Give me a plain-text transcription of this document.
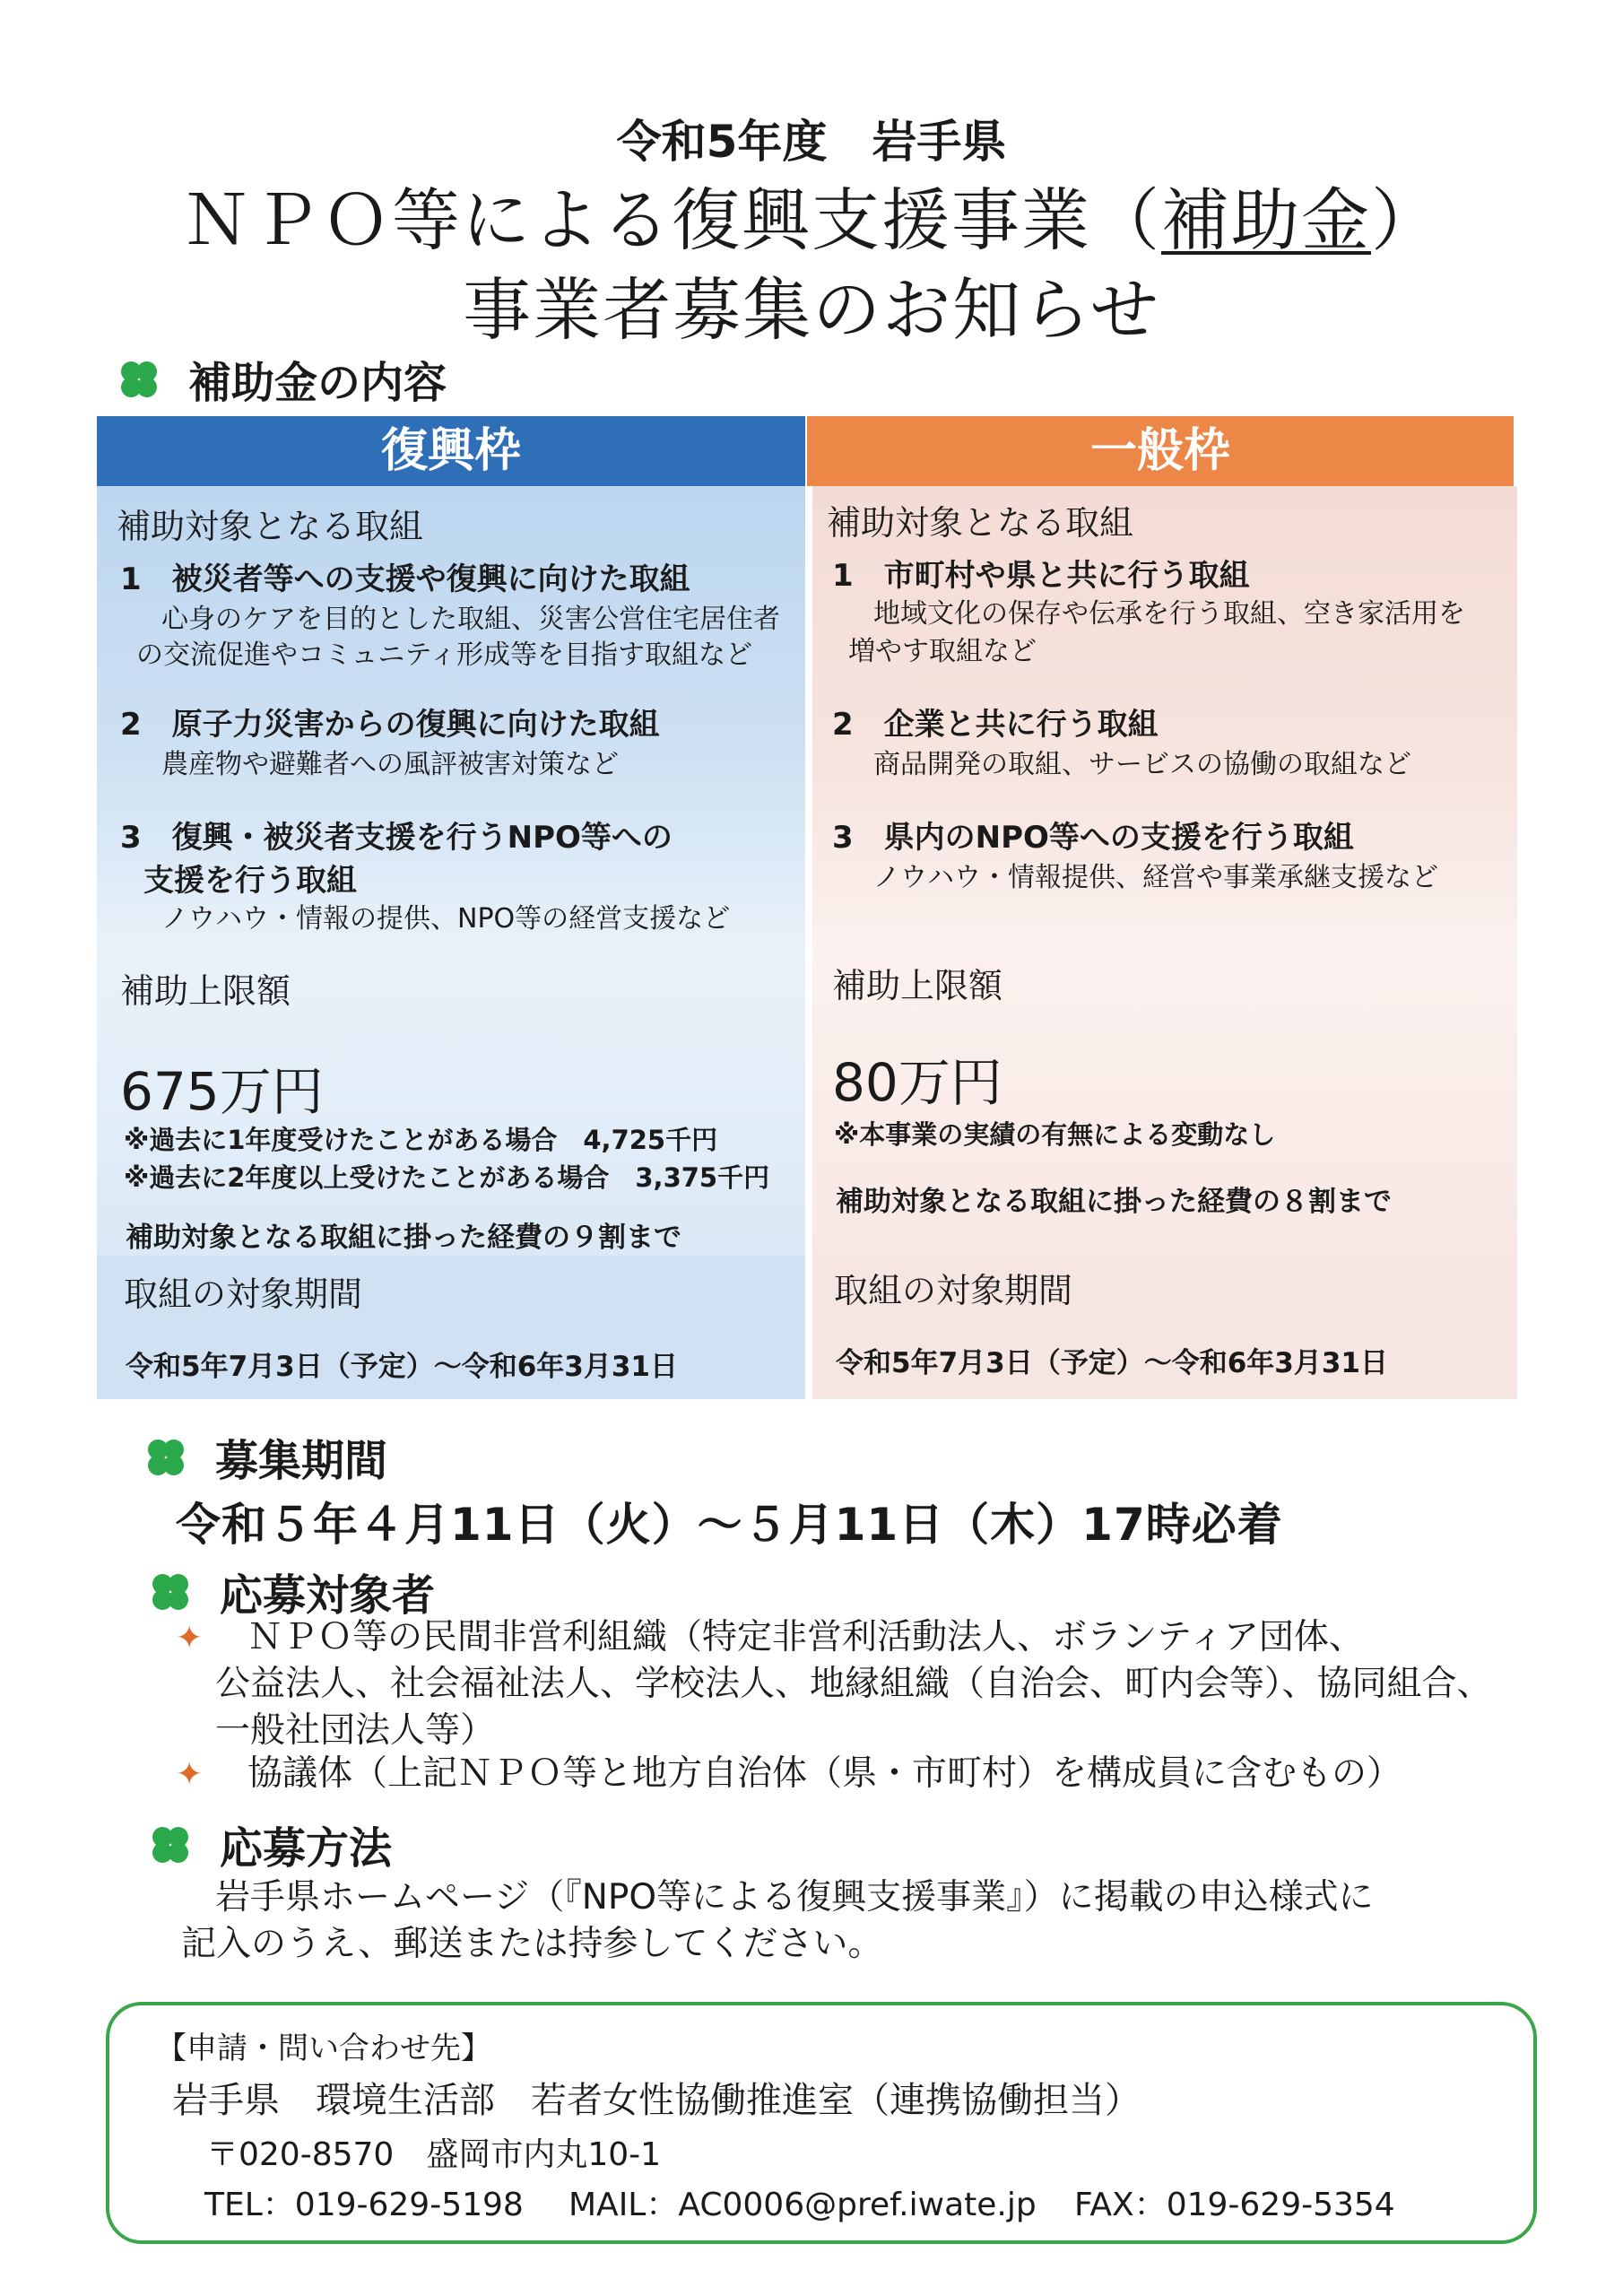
令和5年度　岩手県
ＮＰＯ等による復興支援事業（補助金）
事業者募集のお知らせ
補助金の内容
復興枠	一般枠
補助対象となる取組
1　被災者等への支援や復興に向けた取組
心身のケアを目的とした取組、災害公営住宅居住者
の交流促進やコミュニティ形成等を目指す取組など
2　原子力災害からの復興に向けた取組
農産物や避難者への風評被害対策など
3　復興・被災者支援を行うNPO等への
支援を行う取組
ノウハウ・情報の提供、NPO等の経営支援など
補助対象となる取組
1　市町村や県と共に行う取組
地域文化の保存や伝承を行う取組、空き家活用を
増やす取組など
2　企業と共に行う取組
商品開発の取組、サービスの協働の取組など
3　県内のNPO等への支援を行う取組
ノウハウ・情報提供、経営や事業承継支援など
補助上限額
675万円
※過去に1年度受けたことがある場合　4,725千円
※過去に2年度以上受けたことがある場合　3,375千円
補助対象となる取組に掛った経費の９割まで
補助上限額
80万円
※本事業の実績の有無による変動なし
補助対象となる取組に掛った経費の８割まで
取組の対象期間
令和5年7月3日（予定）～令和6年3月31日
取組の対象期間
令和5年7月3日（予定）～令和6年3月31日
募集期間
令和５年４月11日（火）～５月11日（木）17時必着
応募対象者
✦ ＮＰＯ等の民間非営利組織（特定非営利活動法人、ボランティア団体、
公益法人、社会福祉法人、学校法人、地縁組織（自治会、町内会等）、協同組合、
一般社団法人等）
✦ 協議体（上記ＮＰＯ等と地方自治体（県・市町村）を構成員に含むもの）
応募方法
岩手県ホームページ（『NPO等による復興支援事業』）に掲載の申込様式に
記入のうえ、郵送または持参してください。
【申請・問い合わせ先】
岩手県　環境生活部　若者女性協働推進室（連携協働担当）
〒020-8570　盛岡市内丸10-1
TEL：019-629-5198 MAIL：AC0006@pref.iwate.jp FAX：019-629-5354
